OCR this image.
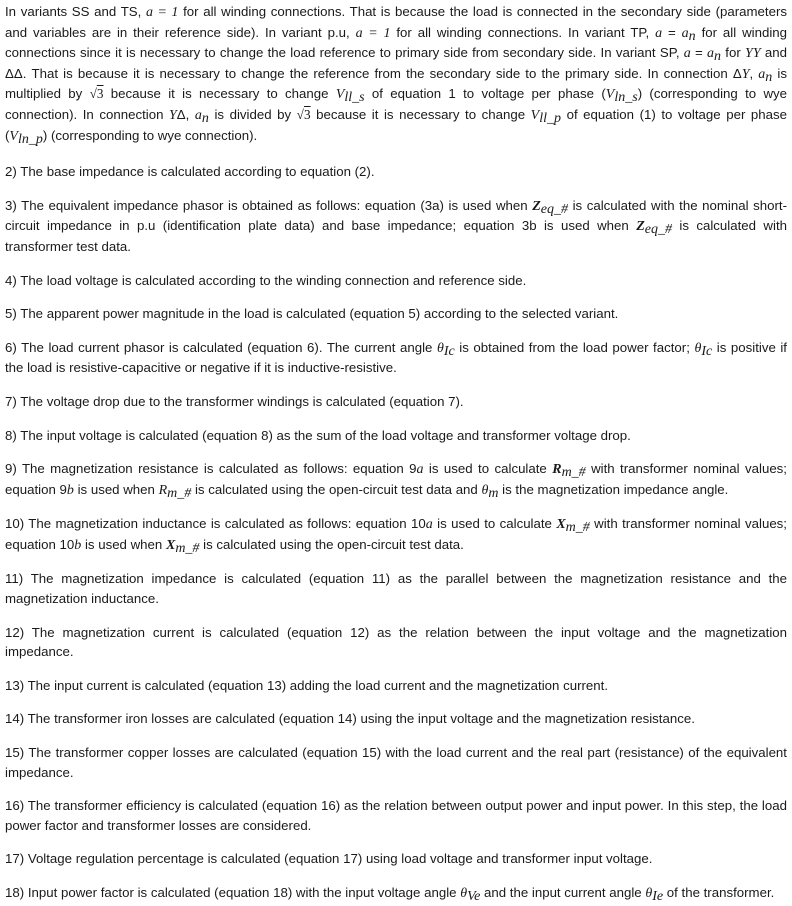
In variants SS and TS, a = 1 for all winding connections. That is because the load is connected in the secondary side (parameters and variables are in their reference side). In variant p.u, a = 1 for all winding connections. In variant TP, $a = a_n$ for all winding connections since it is necessary to change the load reference to primary side from secondary side. In variant SP, $a = a_n$ for YY and ΔΔ. That is because it is necessary to change the reference from the secondary side to the primary side. In connection ΔY, $a_n$ is multiplied by √3 because it is necessary to change $V_{ll\_s}$ of equation 1 to voltage per phase $(V_{ln\_s})$ (corresponding to wye connection). In connection YΔ, $a_n$ is divided by √3 because it is necessary to change $V_{ll\_p}$ of equation (1) to voltage per phase $(V_{ln\_p})$ (corresponding to wye connection).

2) The base impedance is calculated according to equation (2).

3) The equivalent impedance phasor is obtained as follows: equation (3a) is used when $Z_{eq\_\#}$ is calculated with the nominal short-circuit impedance in p.u (identification plate data) and base impedance; equation 3b is used when $Z_{eq\_\#}$ is calculated with transformer test data.

4) The load voltage is calculated according to the winding connection and reference side.

5) The apparent power magnitude in the load is calculated (equation 5) according to the selected variant.

6) The load current phasor is calculated (equation 6). The current angle $\theta_{Ic}$ is obtained from the load power factor; $\theta_{Ic}$ is positive if the load is resistive-capacitive or negative if it is inductive-resistive.

7) The voltage drop due to the transformer windings is calculated (equation 7).

8) The input voltage is calculated (equation 8) as the sum of the load voltage and transformer voltage drop.

9) The magnetization resistance is calculated as follows: equation 9a is used to calculate $R_{m\_\#}$ with transformer nominal values; equation 9b is used when $R_{m\_\#}$ is calculated using the open-circuit test data and $\theta_m$ is the magnetization impedance angle.

10) The magnetization inductance is calculated as follows: equation 10a is used to calculate $X_{m\_\#}$ with transformer nominal values; equation 10b is used when $X_{m\_\#}$ is calculated using the open-circuit test data.

11) The magnetization impedance is calculated (equation 11) as the parallel between the magnetization resistance and the magnetization inductance.

12) The magnetization current is calculated (equation 12) as the relation between the input voltage and the magnetization impedance.

13) The input current is calculated (equation 13) adding the load current and the magnetization current.

14) The transformer iron losses are calculated (equation 14) using the input voltage and the magnetization resistance.

15) The transformer copper losses are calculated (equation 15) with the load current and the real part (resistance) of the equivalent impedance.

16) The transformer efficiency is calculated (equation 16) as the relation between output power and input power. In this step, the load power factor and transformer losses are considered.

17) Voltage regulation percentage is calculated (equation 17) using load voltage and transformer input voltage.

18) Input power factor is calculated (equation 18) with the input voltage angle $\theta_{Ve}$ and the input current angle $\theta_{Ie}$ of the transformer.
